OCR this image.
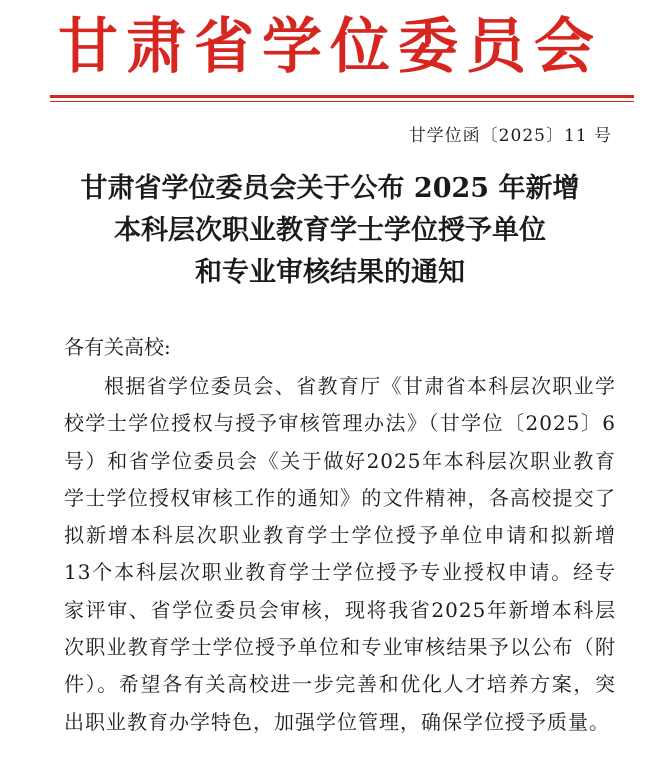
甘肃省学位委员会
甘学位函〔2025〕11 号
甘肃省学位委员会关于公布 2025 年新增
本科层次职业教育学士学位授予单位
和专业审核结果的通知
各有关高校:

根据省学位委员会、省教育厅《甘肃省本科层次职业学校学士学位授权与授予审核管理办法》（甘学位〔2025〕6号）和省学位委员会《关于做好2025年本科层次职业教育学士学位授权审核工作的通知》的文件精神，各高校提交了拟新增本科层次职业教育学士学位授予单位申请和拟新增13个本科层次职业教育学士学位授予专业授权申请。经专家评审、省学位委员会审核，现将我省2025年新增本科层次职业教育学士学位授予单位和专业审核结果予以公布（附件）。希望各有关高校进一步完善和优化人才培养方案，突出职业教育办学特色，加强学位管理，确保学位授予质量。
